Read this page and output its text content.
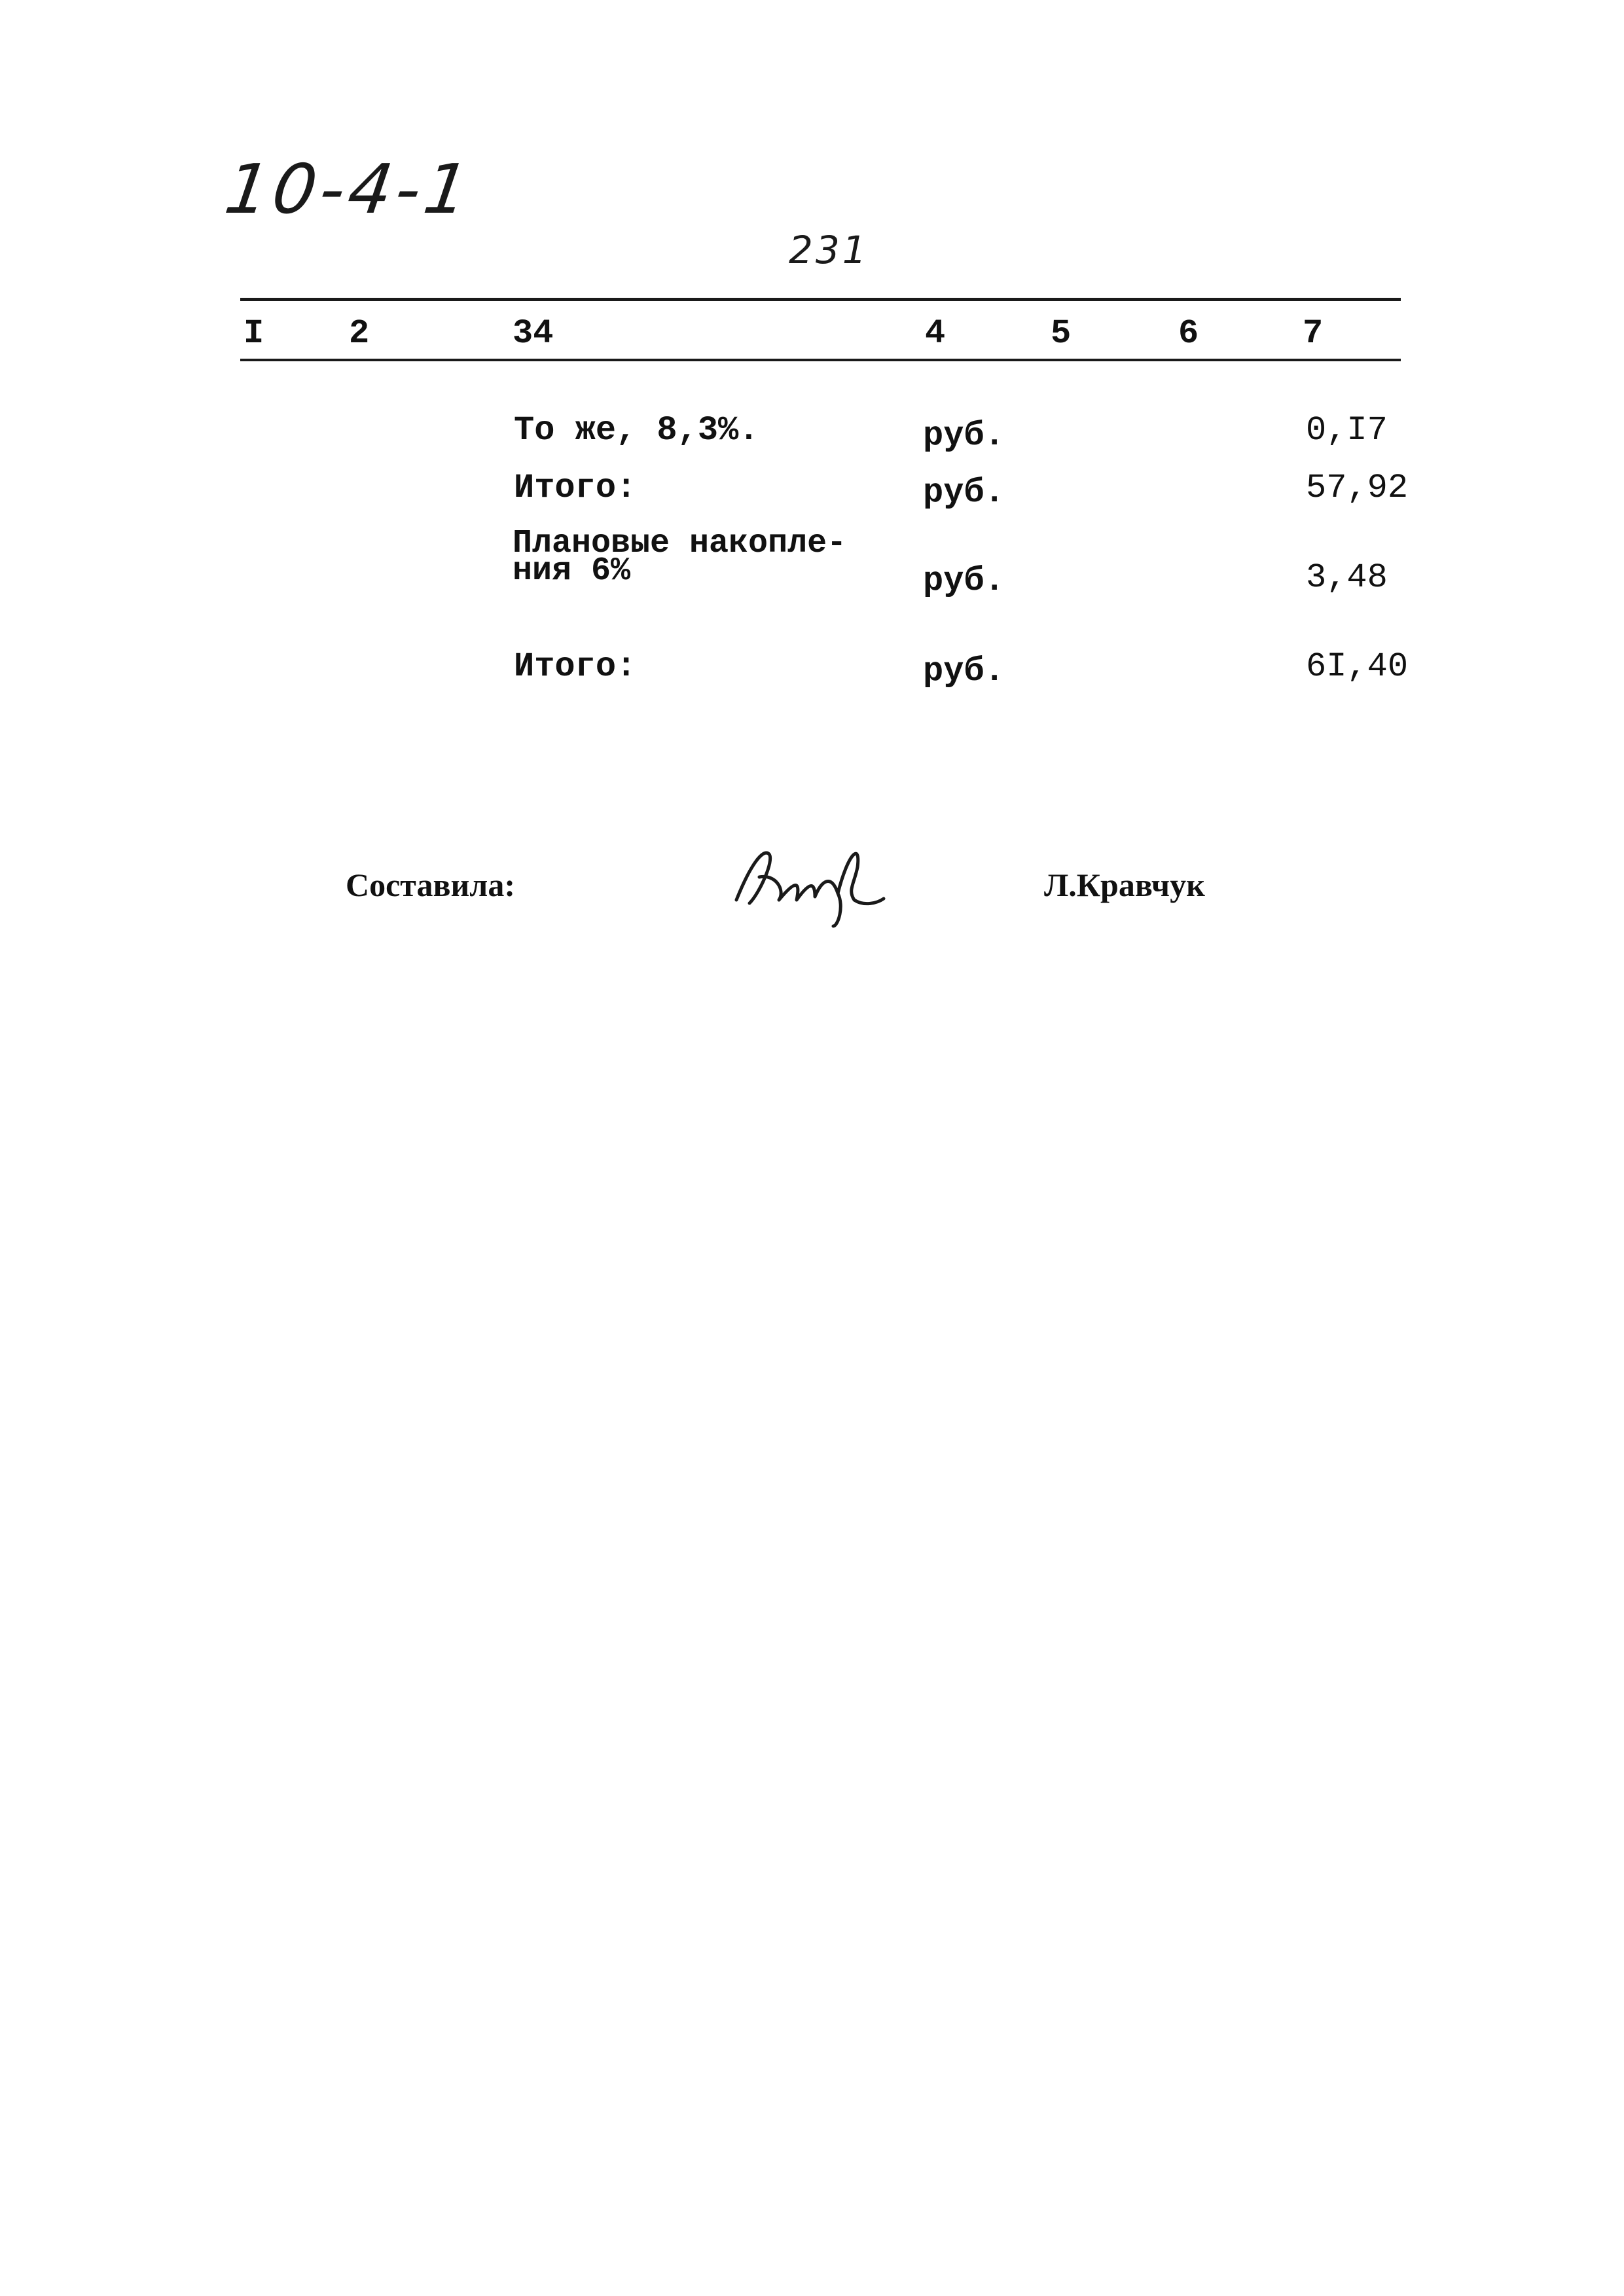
10-4-1
231
I 2	34	4	5	6	7
То же, 8,3%.	руб.	0,I7
Итого:	руб.	57,92
Плановые накопле-
ния 6%	руб.	3,48
Итого:	руб.	6I,40
Составила:	Л.Кравчук
